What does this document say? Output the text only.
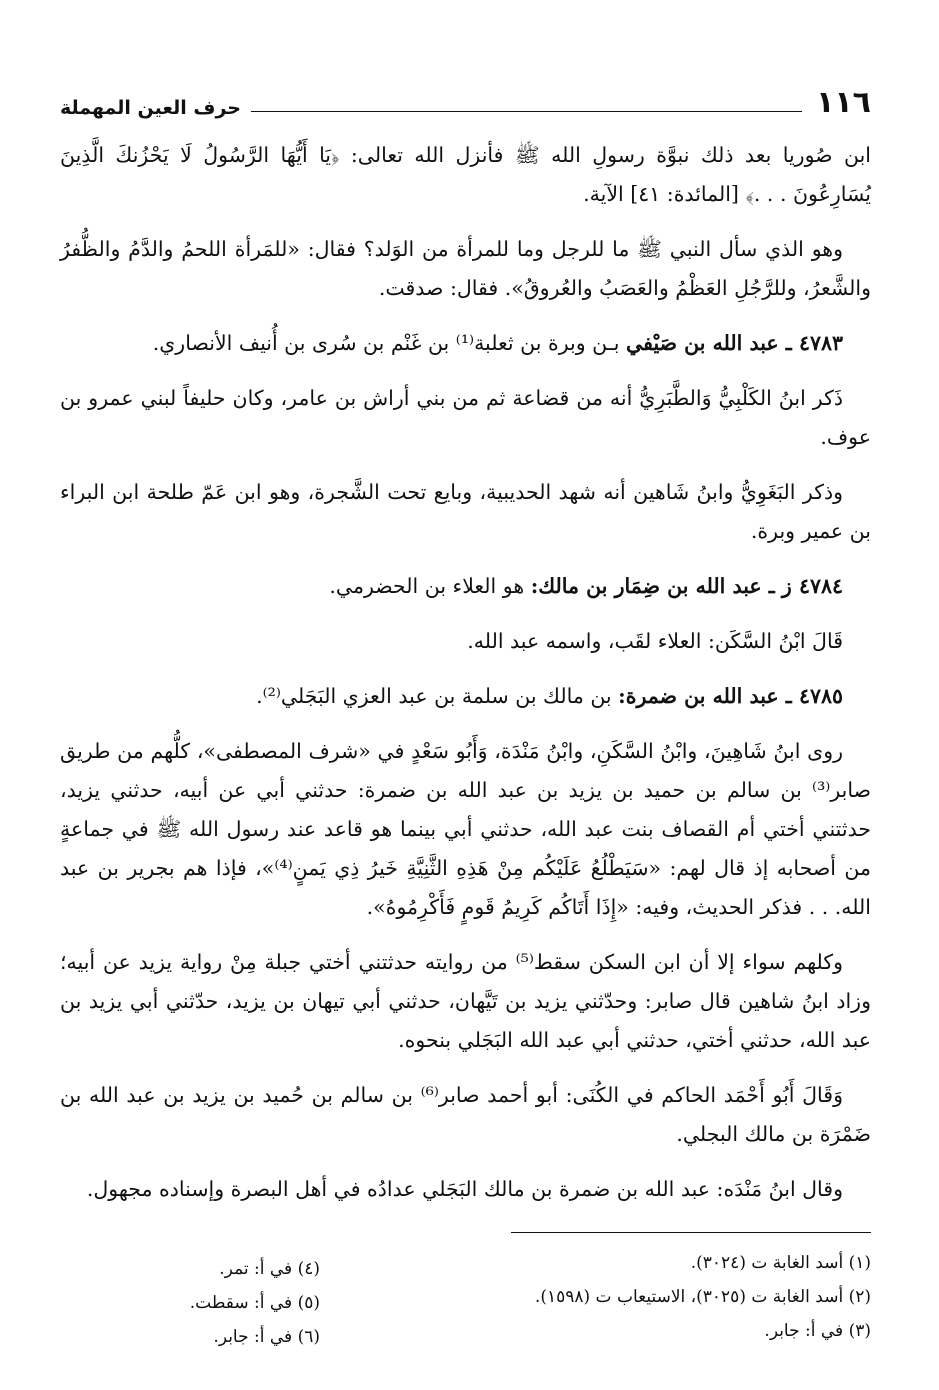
١١٦
حرف العين المهملة

ابن صُوريا بعد ذلك نبوَّة رسولِ الله ﷺ فأنزل الله تعالى: ﴿يَا أَيُّهَا الرَّسُولُ لَا يَحْزُنكَ الَّذِينَ يُسَارِعُونَ . . .﴾ [المائدة: ٤١] الآية.

وهو الذي سأل النبي ﷺ ما للرجل وما للمرأة من الوَلد؟ فقال: «للمَرأة اللحمُ والدَّمُ والظُّفرُ والشَّعرُ، وللرَّجُلِ العَظْمُ والعَصَبُ والعُروقُ». فقال: صدقت.

٤٧٨٣ ـ عبد الله بن صَيْفي بـن وبرة بن ثعلبة⁽¹⁾ بن غَنْم بن سُرى بن أُنيف الأنصاري.

ذَكر ابنُ الكَلْبِيُّ وَالطَّبَرِيُّ أنه من قضاعة ثم من بني أراش بن عامر، وكان حليفاً لبني عمرو بن عوف.

وذكر البَغَوِيُّ وابنُ شَاهين أنه شهد الحديبية، وبايع تحت الشَّجرة، وهو ابن عَمّ طلحة ابن البراء بن عمير وبرة.

٤٧٨٤ ز ـ عبد الله بن ضِمَار بن مالك: هو العلاء بن الحضرمي.

قَالَ ابْنُ السَّكَن: العلاء لقَب، واسمه عبد الله.

٤٧٨٥ ـ عبد الله بن ضمرة: بن مالك بن سلمة بن عبد العزي البَجَلي⁽²⁾.

روى ابنُ شَاهِينَ، وابْنُ السَّكَنِ، وابْنُ مَنْدَة، وَأَبُو سَعْدٍ في «شرف المصطفى»، كلُّهم من طريق صابر⁽³⁾ بن سالم بن حميد بن يزيد بن عبد الله بن ضمرة: حدثني أبي عن أبيه، حدثني يزيد، حدثتني أختي أم القصاف بنت عبد الله، حدثني أبي بينما هو قاعد عند رسول الله ﷺ في جماعةٍ من أصحابه إذ قال لهم: «سَيَطْلُعُ عَلَيْكُم مِنْ هَذِهِ الثَّنِيَّةِ خَيرُ ذِي يَمنٍ⁽⁴⁾»، فإذا هم بجرير بن عبد الله. . . فذكر الحديث، وفيه: «إِذَا أَتَاكُم كَرِيمُ قَومٍ فَأَكْرِمُوهُ».

وكلهم سواء إلا أن ابن السكن سقط⁽⁵⁾ من روايته حدثتني أختي جبلة مِنْ رواية يزيد عن أبيه؛ وزاد ابنُ شاهين قال صابر: وحدّثني يزيد بن تَيَّهان، حدثني أبي تيهان بن يزيد، حدّثني أبي يزيد بن عبد الله، حدثني أختي، حدثني أبي عبد الله البَجَلي بنحوه.

وَقَالَ أَبُو أَحْمَد الحاكم في الكُنَى: أبو أحمد صابر⁽⁶⁾ بن سالم بن حُميد بن يزيد بن عبد الله بن ضَمْرَة بن مالك البجلي.

وقال ابنُ مَنْدَه: عبد الله بن ضمرة بن مالك البَجَلي عدادُه في أهل البصرة وإسناده مجهول.

(١) أسد الغابة ت (٣٠٢٤).
(٢) أسد الغابة ت (٣٠٢٥)، الاستيعاب ت (١٥٩٨).
(٣) في أ: جابر.
(٤) في أ: تمر.
(٥) في أ: سقطت.
(٦) في أ: جابر.
